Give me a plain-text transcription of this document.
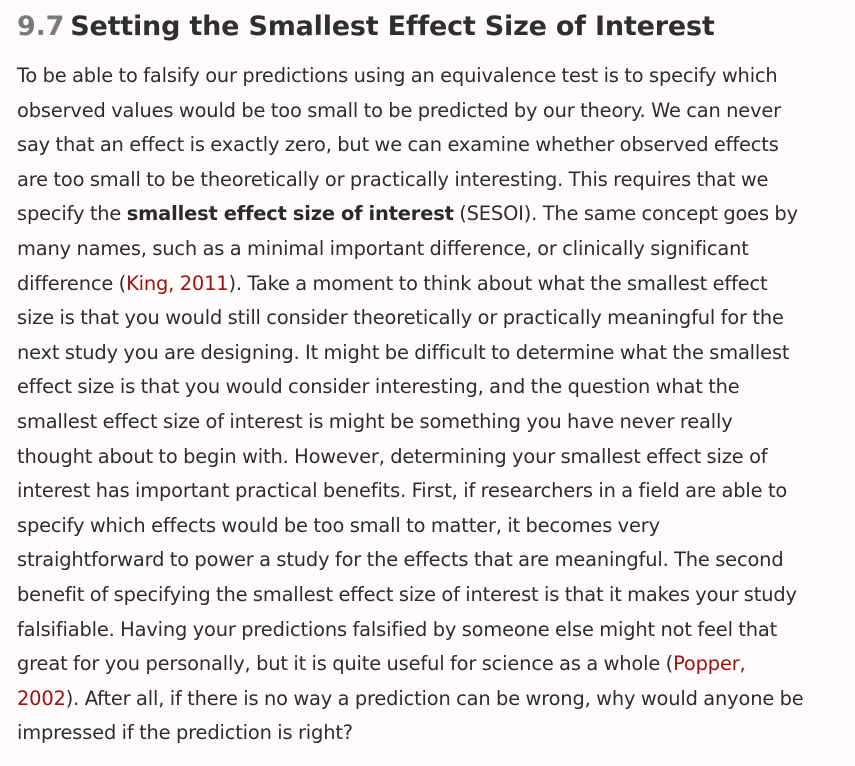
9.7 Setting the Smallest Effect Size of Interest

To be able to falsify our predictions using an equivalence test is to specify which
observed values would be too small to be predicted by our theory. We can never
say that an effect is exactly zero, but we can examine whether observed effects
are too small to be theoretically or practically interesting. This requires that we
specify the smallest effect size of interest (SESOI). The same concept goes by
many names, such as a minimal important difference, or clinically significant
difference (King, 2011). Take a moment to think about what the smallest effect
size is that you would still consider theoretically or practically meaningful for the
next study you are designing. It might be difficult to determine what the smallest
effect size is that you would consider interesting, and the question what the
smallest effect size of interest is might be something you have never really
thought about to begin with. However, determining your smallest effect size of
interest has important practical benefits. First, if researchers in a field are able to
specify which effects would be too small to matter, it becomes very
straightforward to power a study for the effects that are meaningful. The second
benefit of specifying the smallest effect size of interest is that it makes your study
falsifiable. Having your predictions falsified by someone else might not feel that
great for you personally, but it is quite useful for science as a whole (Popper,
2002). After all, if there is no way a prediction can be wrong, why would anyone be
impressed if the prediction is right?
